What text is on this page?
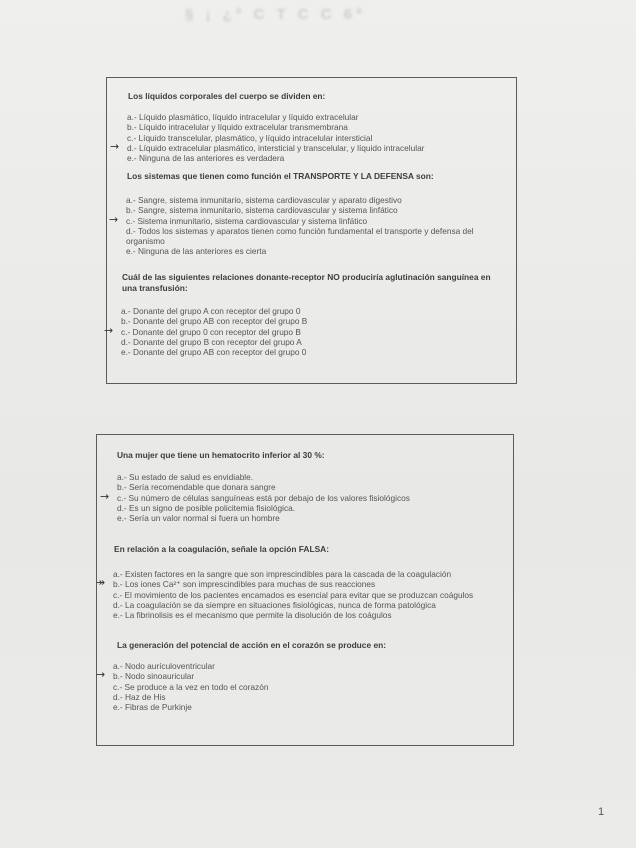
§ ¡ ¿º C T C C 6ª
Los líquidos corporales del cuerpo se dividen en:
a.- Líquido plasmático, líquido intracelular y líquido extracelular
b.- Líquido intracelular y líquido extracelular transmembrana
c.- Líquido transcelular, plasmático, y líquido intracelular intersticial
→ d.- Líquido extracelular plasmático, intersticial y transcelular, y líquido intracelular
e.- Ninguna de las anteriores es verdadera
Los sistemas que tienen como función el TRANSPORTE Y LA DEFENSA son:
a.- Sangre, sistema inmunitario, sistema cardiovascular y aparato digestivo
b.- Sangre, sistema inmunitario, sistema cardiovascular y sistema linfático
→ c.- Sistema inmunitario, sistema cardiovascular y sistema linfático
d.- Todos los sistemas y aparatos tienen como función fundamental el transporte y defensa del organismo
e.- Ninguna de las anteriores es cierta
Cuál de las siguientes relaciones donante-receptor NO produciría aglutinación sanguínea en una transfusión:
a.- Donante del grupo A con receptor del grupo 0
b.- Donante del grupo AB con receptor del grupo B
→ c.- Donante del grupo 0 con receptor del grupo B
d.- Donante del grupo B con receptor del grupo A
e.- Donante del grupo AB con receptor del grupo 0
Una mujer que tiene un hematocrito inferior al 30 %:
a.- Su estado de salud es envidiable.
b.- Sería recomendable que donara sangre
→ c.- Su número de células sanguíneas está por debajo de los valores fisiológicos
d.- Es un signo de posible policitemia fisiológica.
e.- Sería un valor normal si fuera un hombre
En relación a la coagulación, señale la opción FALSA:
a.- Existen factores en la sangre que son imprescindibles para la cascada de la coagulación
↠ b.- Los iones Ca²⁺ son imprescindibles para muchas de sus reacciones
c.- El movimiento de los pacientes encamados es esencial para evitar que se produzcan coágulos
d.- La coagulación se da siempre en situaciones fisiológicas, nunca de forma patológica
e.- La fibrinolisis es el mecanismo que permite la disolución de los coágulos
La generación del potencial de acción en el corazón se produce en:
a.- Nodo aurículoventricular
→ b.- Nodo sinoauricular
c.- Se produce a la vez en todo el corazón
d.- Haz de His
e.- Fibras de Purkinje
1
